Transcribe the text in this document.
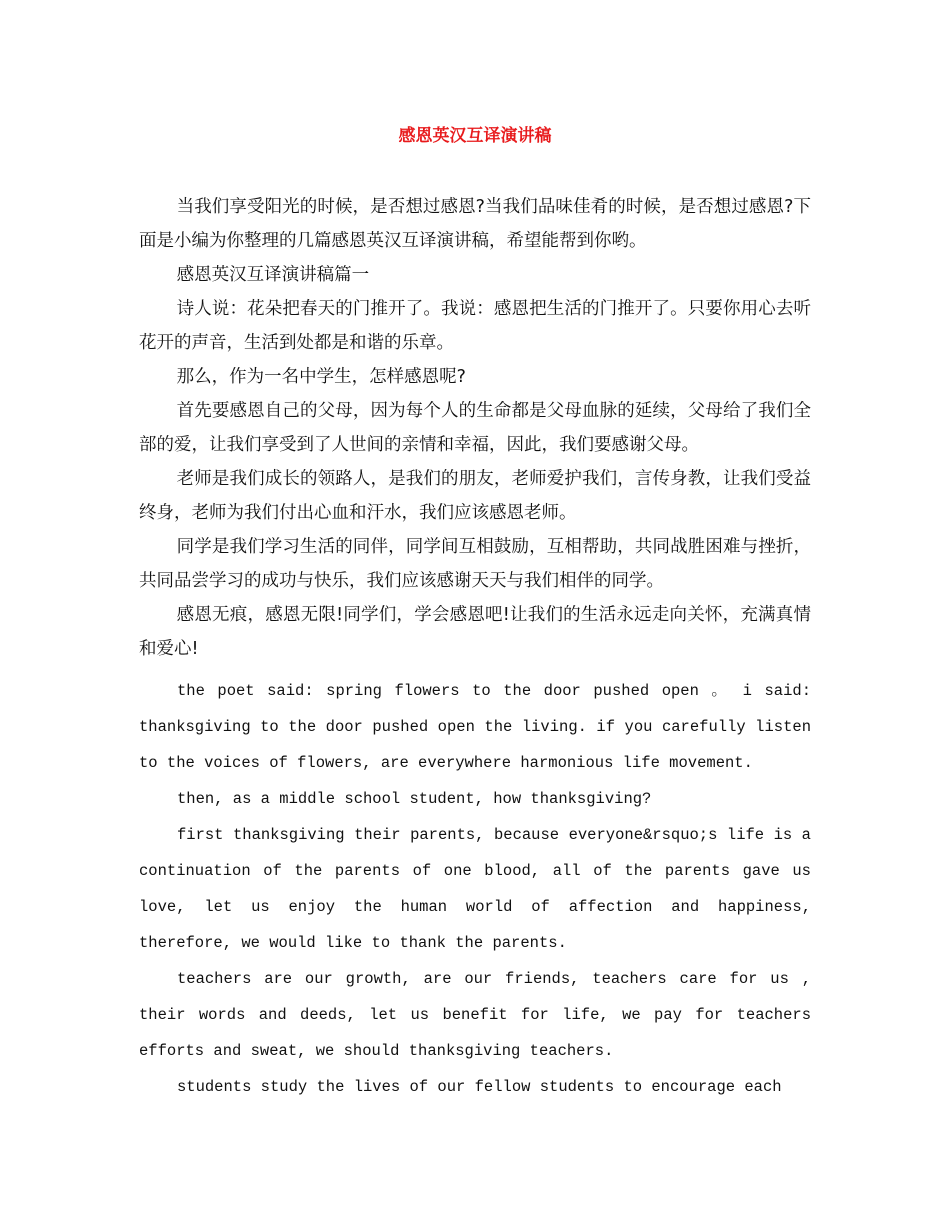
感恩英汉互译演讲稿

当我们享受阳光的时候，是否想过感恩?当我们品味佳肴的时候，是否想过感恩?下面是小编为你整理的几篇感恩英汉互译演讲稿，希望能帮到你哟。

感恩英汉互译演讲稿篇一

诗人说：花朵把春天的门推开了。我说：感恩把生活的门推开了。只要你用心去听花开的声音，生活到处都是和谐的乐章。

那么，作为一名中学生，怎样感恩呢?

首先要感恩自己的父母，因为每个人的生命都是父母血脉的延续，父母给了我们全部的爱，让我们享受到了人世间的亲情和幸福，因此，我们要感谢父母。

老师是我们成长的领路人，是我们的朋友，老师爱护我们，言传身教，让我们受益终身，老师为我们付出心血和汗水，我们应该感恩老师。

同学是我们学习生活的同伴，同学间互相鼓励，互相帮助，共同战胜困难与挫折，共同品尝学习的成功与快乐，我们应该感谢天天与我们相伴的同学。

感恩无痕，感恩无限!同学们，学会感恩吧!让我们的生活永远走向关怀，充满真情和爱心!

the poet said: spring flowers to the door pushed open 。 i said: thanksgiving to the door pushed open the living. if you carefully listen to the voices of flowers, are everywhere harmonious life movement.

then, as a middle school student, how thanksgiving?

first thanksgiving their parents, because everyone&rsquo;s life is a continuation of the parents of one blood, all of the parents gave us love, let us enjoy the human world of affection and happiness, therefore, we would like to thank the parents.

teachers are our growth, are our friends, teachers care for us , their words and deeds, let us benefit for life, we pay for teachers efforts and sweat, we should thanksgiving teachers.

students study the lives of our fellow students to encourage each
